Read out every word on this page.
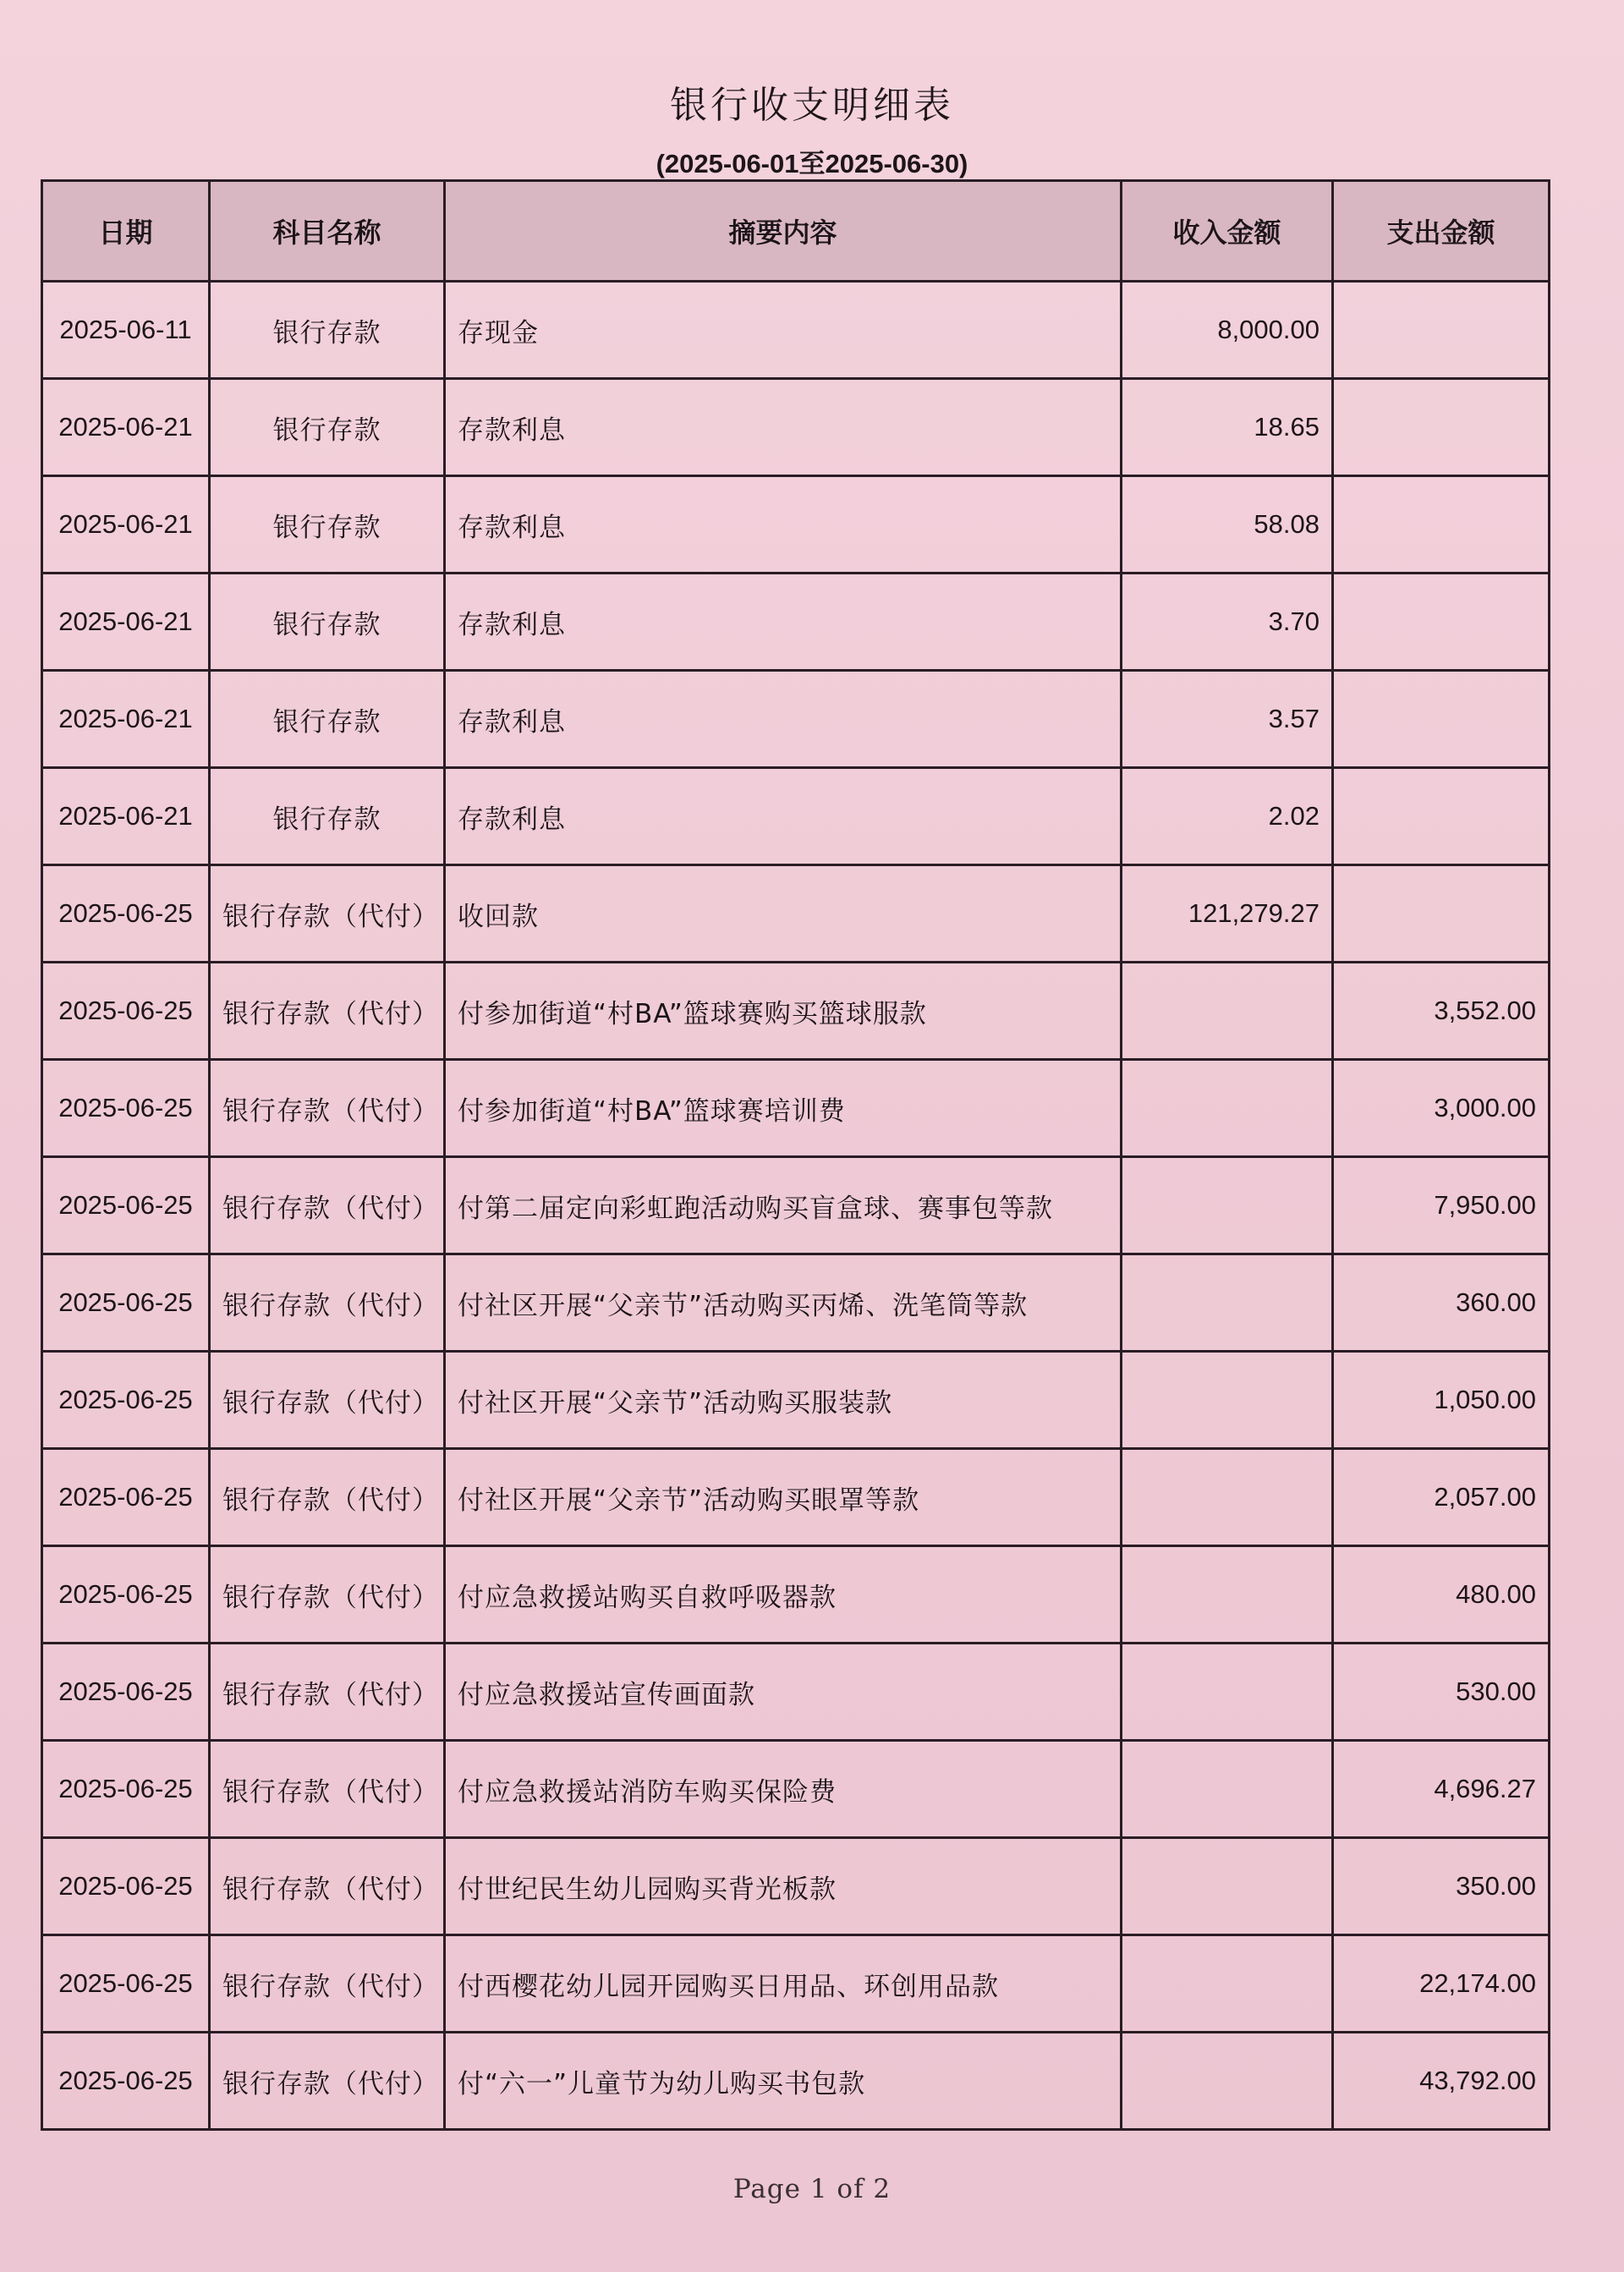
银行收支明细表
(2025-06-01至2025-06-30)
日期	科目名称	摘要内容	收入金额	支出金额
2025-06-11	银行存款	存现金	8,000.00	
2025-06-21	银行存款	存款利息	18.65	
2025-06-21	银行存款	存款利息	58.08	
2025-06-21	银行存款	存款利息	3.70	
2025-06-21	银行存款	存款利息	3.57	
2025-06-21	银行存款	存款利息	2.02	
2025-06-25	银行存款（代付）	收回款	121,279.27	
2025-06-25	银行存款（代付）	付参加街道“村BA”篮球赛购买篮球服款		3,552.00
2025-06-25	银行存款（代付）	付参加街道“村BA”篮球赛培训费		3,000.00
2025-06-25	银行存款（代付）	付第二届定向彩虹跑活动购买盲盒球、赛事包等款		7,950.00
2025-06-25	银行存款（代付）	付社区开展“父亲节”活动购买丙烯、洗笔筒等款		360.00
2025-06-25	银行存款（代付）	付社区开展“父亲节”活动购买服装款		1,050.00
2025-06-25	银行存款（代付）	付社区开展“父亲节”活动购买眼罩等款		2,057.00
2025-06-25	银行存款（代付）	付应急救援站购买自救呼吸器款		480.00
2025-06-25	银行存款（代付）	付应急救援站宣传画面款		530.00
2025-06-25	银行存款（代付）	付应急救援站消防车购买保险费		4,696.27
2025-06-25	银行存款（代付）	付世纪民生幼儿园购买背光板款		350.00
2025-06-25	银行存款（代付）	付西樱花幼儿园开园购买日用品、环创用品款		22,174.00
2025-06-25	银行存款（代付）	付“六一”儿童节为幼儿购买书包款		43,792.00
Page 1 of 2
